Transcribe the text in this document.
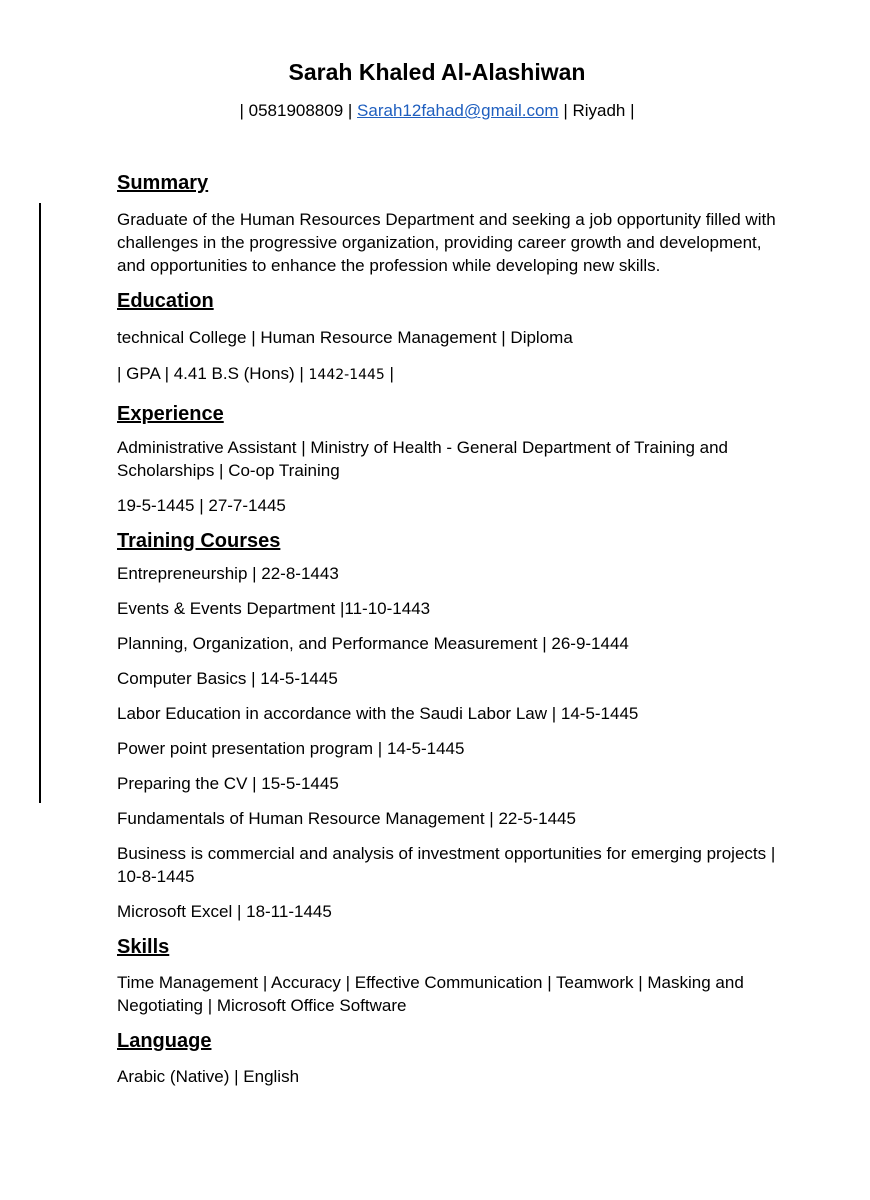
Sarah Khaled Al-Alashiwan
| 0581908809 | Sarah12fahad@gmail.com | Riyadh |
Summary

Graduate of the Human Resources Department and seeking a job opportunity filled with challenges in the progressive organization, providing career growth and development, and opportunities to enhance the profession while developing new skills.

Education

technical College | Human Resource Management | Diploma

| GPA | 4.41 B.S (Hons) | 1442-1445 |

Experience

Administrative Assistant | Ministry of Health - General Department of Training and Scholarships | Co-op Training

19-5-1445 | 27-7-1445

Training Courses

Entrepreneurship | 22-8-1443

Events & Events Department |11-10-1443

Planning, Organization, and Performance Measurement | 26-9-1444

Computer Basics | 14-5-1445

Labor Education in accordance with the Saudi Labor Law | 14-5-1445

Power point presentation program | 14-5-1445

Preparing the CV | 15-5-1445

Fundamentals of Human Resource Management | 22-5-1445

Business is commercial and analysis of investment opportunities for emerging projects | 10-8-1445

Microsoft Excel | 18-11-1445

Skills

Time Management | Accuracy | Effective Communication | Teamwork | Masking and Negotiating | Microsoft Office Software

Language

Arabic (Native) | English
